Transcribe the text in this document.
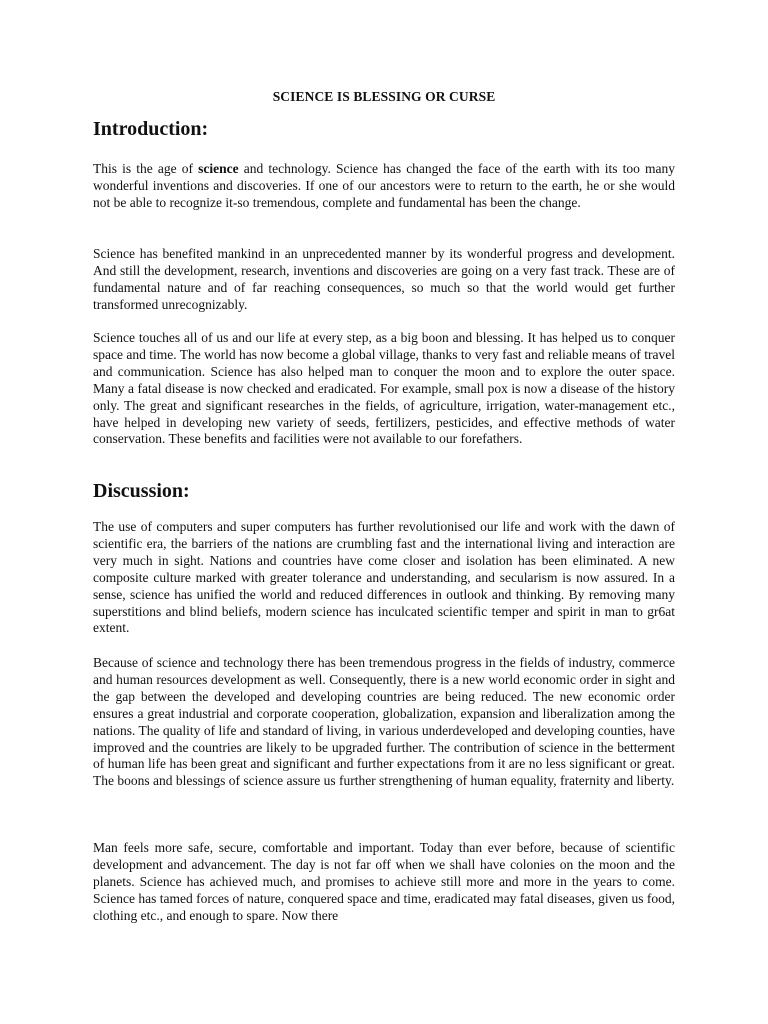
SCIENCE IS BLESSING OR CURSE
Introduction:

This is the age of science and technology. Science has changed the face of the earth with its too many wonderful inventions and discoveries. If one of our ancestors were to return to the earth, he or she would not be able to recognize it-so tremendous, complete and fundamental has been the change.

Science has benefited mankind in an unprecedented manner by its wonderful progress and development. And still the development, research, inventions and discoveries are going on a very fast track. These are of fundamental nature and of far reaching consequences, so much so that the world would get further transformed unrecognizably.

Science touches all of us and our life at every step, as a big boon and blessing. It has helped us to conquer space and time. The world has now become a global village, thanks to very fast and reliable means of travel and communication. Science has also helped man to conquer the moon and to explore the outer space. Many a fatal disease is now checked and eradicated. For example, small pox is now a disease of the history only. The great and significant researches in the fields, of agriculture, irrigation, water-management etc., have helped in developing new variety of seeds, fertilizers, pesticides, and effective methods of water conservation. These benefits and facilities were not available to our forefathers.

Discussion:

The use of computers and super computers has further revolutionised our life and work with the dawn of scientific era, the barriers of the nations are crumbling fast and the international living and interaction are very much in sight. Nations and countries have come closer and isolation has been eliminated. A new composite culture marked with greater tolerance and understanding, and secularism is now assured. In a sense, science has unified the world and reduced differences in outlook and thinking. By removing many superstitions and blind beliefs, modern science has inculcated scientific temper and spirit in man to gr6at extent.

Because of science and technology there has been tremendous progress in the fields of industry, commerce and human resources development as well. Consequently, there is a new world economic order in sight and the gap between the developed and developing countries are being reduced. The new economic order ensures a great industrial and corporate cooperation, globalization, expansion and liberalization among the nations. The quality of life and standard of living, in various underdeveloped and developing counties, have improved and the countries are likely to be upgraded further. The contribution of science in the betterment of human life has been great and significant and further expectations from it are no less significant or great. The boons and blessings of science assure us further strengthening of human equality, fraternity and liberty.

Man feels more safe, secure, comfortable and important. Today than ever before, because of scientific development and advancement. The day is not far off when we shall have colonies on the moon and the planets. Science has achieved much, and promises to achieve still more and more in the years to come. Science has tamed forces of nature, conquered space and time, eradicated may fatal diseases, given us food, clothing etc., and enough to spare. Now there
